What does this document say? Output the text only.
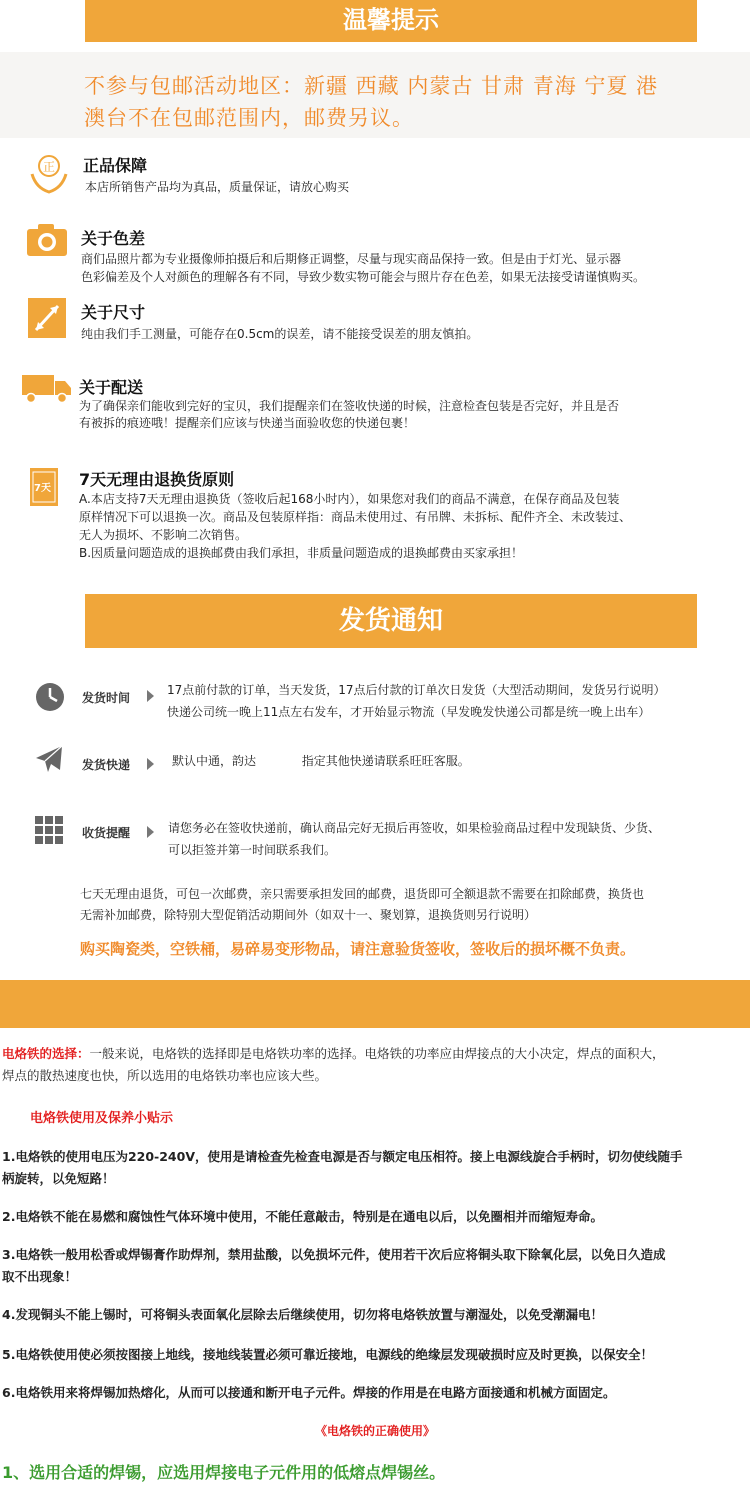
温馨提示
不参与包邮活动地区：新疆 西藏 内蒙古 甘肃 青海 宁夏 港
澳台不在包邮范围内，邮费另议。
正 正品保障
本店所销售产品均为真品，质量保证，请放心购买
关于色差
商们品照片都为专业摄像师拍摄后和后期修正调整，尽量与现实商品保持一致。但是由于灯光、显示器
色彩偏差及个人对颜色的理解各有不同，导致少数实物可能会与照片存在色差，如果无法接受请谨慎购买。
关于尺寸
纯由我们手工测量，可能存在0.5cm的误差，请不能接受误差的朋友慎拍。
关于配送
为了确保亲们能收到完好的宝贝，我们提醒亲们在签收快递的时候，注意检查包装是否完好，并且是否
有被拆的痕迹哦！提醒亲们应该与快递当面验收您的快递包裹！
7天 7天无理由退换货原则
A.本店支持7天无理由退换货（签收后起168小时内），如果您对我们的商品不满意，在保存商品及包装
原样情况下可以退换一次。商品及包装原样指：商品未使用过、有吊牌、未拆标、配件齐全、未改装过、
无人为损坏、不影响二次销售。
B.因质量问题造成的退换邮费由我们承担，非质量问题造成的退换邮费由买家承担！
发货通知
发货时间
17点前付款的订单，当天发货，17点后付款的订单次日发货（大型活动期间，发货另行说明）
快递公司统一晚上11点左右发车，才开始显示物流（早发晚发快递公司都是统一晚上出车）
发货快递	默认中通，韵达            指定其他快递请联系旺旺客服。
收货提醒	请您务必在签收快递前，确认商品完好无损后再签收，如果检验商品过程中发现缺货、少货、
可以拒签并第一时间联系我们。
七天无理由退货，可包一次邮费，亲只需要承担发回的邮费，退货即可全额退款不需要在扣除邮费，换货也
无需补加邮费，除特别大型促销活动期间外（如双十一、聚划算，退换货则另行说明）
购买陶瓷类，空铁桶，易碎易变形物品，请注意验货签收，签收后的损坏概不负责。
电烙铁的选择：一般来说，电烙铁的选择即是电烙铁功率的选择。电烙铁的功率应由焊接点的大小决定，焊点的面积大，
焊点的散热速度也快，所以选用的电烙铁功率也应该大些。
电烙铁使用及保养小贴示
1.电烙铁的使用电压为220-240V，使用是请检查先检查电源是否与额定电压相符。接上电源线旋合手柄时，切勿使线随手
柄旋转，以免短路！
2.电烙铁不能在易燃和腐蚀性气体环境中使用，不能任意敲击，特别是在通电以后，以免圈相并而缩短寿命。
3.电烙铁一般用松香或焊锡膏作助焊剂，禁用盐酸，以免损坏元件，使用若干次后应将铜头取下除氧化层，以免日久造成
取不出现象！
4.发现铜头不能上锡时，可将铜头表面氧化层除去后继续使用，切勿将电烙铁放置与潮湿处，以免受潮漏电！
5.电烙铁使用使必须按图接上地线，接地线装置必须可靠近接地，电源线的绝缘层发现破损时应及时更换，以保安全！
6.电烙铁用来将焊锡加热熔化，从而可以接通和断开电子元件。焊接的作用是在电路方面接通和机械方面固定。
《电烙铁的正确使用》
1、选用合适的焊锡，应选用焊接电子元件用的低熔点焊锡丝。
